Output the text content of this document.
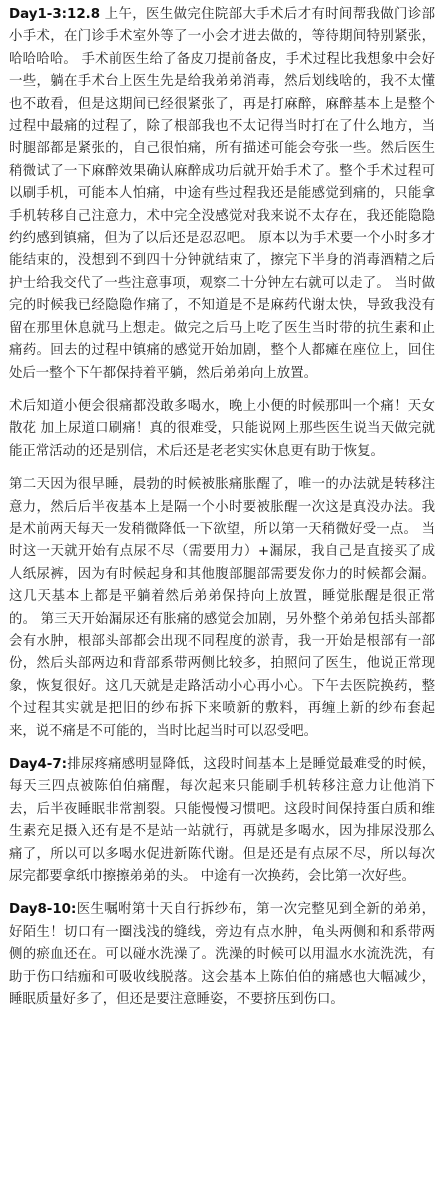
Day1-3:12.8 上午，医生做完住院部大手术后才有时间帮我做门诊部小手术，在门诊手术室外等了一小会才进去做的，等待期间特别紧张，哈哈哈哈。 手术前医生给了备皮刀提前备皮，手术过程比我想象中会好一些，躺在手术台上医生先是给我弟弟消毒，然后划线啥的，我不太懂也不敢看，但是这期间已经很紧张了，再是打麻醉，麻醉基本上是整个过程中最痛的过程了，除了根部我也不太记得当时打在了什么地方，当时腿部都是紧张的，自己很怕痛，所有描述可能会夸张一些。然后医生稍微试了一下麻醉效果确认麻醉成功后就开始手术了。整个手术过程可以刷手机，可能本人怕痛，中途有些过程我还是能感觉到痛的，只能拿手机转移自己注意力，术中完全没感觉对我来说不太存在，我还能隐隐约约感到镇痛，但为了以后还是忍忍吧。 原本以为手术要一个小时多才能结束的，没想到不到四十分钟就结束了，擦完下半身的消毒酒精之后护士给我交代了一些注意事项，观察二十分钟左右就可以走了。 当时做完的时候我已经隐隐作痛了，不知道是不是麻药代谢太快，导致我没有留在那里休息就马上想走。做完之后马上吃了医生当时带的抗生素和止痛药。回去的过程中镇痛的感觉开始加剧，整个人都瘫在座位上，回住处后一整个下午都保持着平躺，然后弟弟向上放置。

术后知道小便会很痛都没敢多喝水，晚上小便的时候那叫一个痛！天女散花 加上尿道口刷痛！真的很难受，只能说网上那些医生说当天做完就能正常活动的还是别信，术后还是老老实实休息更有助于恢复。

第二天因为很早睡，晨勃的时候被胀痛胀醒了，唯一的办法就是转移注意力，然后后半夜基本上是隔一个小时要被胀醒一次这是真没办法。我是术前两天每天一发稍微降低一下欲望，所以第一天稍微好受一点。 当时这一天就开始有点尿不尽（需要用力）+漏尿，我自己是直接买了成人纸尿裤，因为有时候起身和其他腹部腿部需要发你力的时候都会漏。这几天基本上都是平躺着然后弟弟保持向上放置，睡觉胀醒是很正常的。 第三天开始漏尿还有胀痛的感觉会加剧，另外整个弟弟包括头部都会有水肿，根部头部都会出现不同程度的淤青，我一开始是根部有一部份，然后头部两边和背部系带两侧比较多，拍照问了医生，他说正常现象，恢复很好。这几天就是走路活动小心再小心。下午去医院换药，整个过程其实就是把旧的纱布拆下来喷新的敷料，再缠上新的纱布套起来，说不痛是不可能的，当时比起当时可以忍受吧。

Day4-7:排尿疼痛感明显降低，这段时间基本上是睡觉最难受的时候，每天三四点被陈伯伯痛醒，每次起来只能刷手机转移注意力让他消下去，后半夜睡眠非常割裂。只能慢慢习惯吧。这段时间保持蛋白质和维生素充足摄入还有是不是站一站就行，再就是多喝水，因为排尿没那么痛了，所以可以多喝水促进新陈代谢。但是还是有点尿不尽，所以每次尿完都要拿纸巾擦擦弟弟的头。 中途有一次换药，会比第一次好些。

Day8-10:医生嘱咐第十天自行拆纱布，第一次完整见到全新的弟弟，好陌生！切口有一圈浅浅的缝线，旁边有点水肿，龟头两侧和和系带两侧的瘀血还在。可以碰水洗澡了。洗澡的时候可以用温水水流洗洗，有助于伤口结痂和可吸收线脱落。这会基本上陈伯伯的痛感也大幅减少，睡眠质量好多了，但还是要注意睡姿，不要挤压到伤口。
